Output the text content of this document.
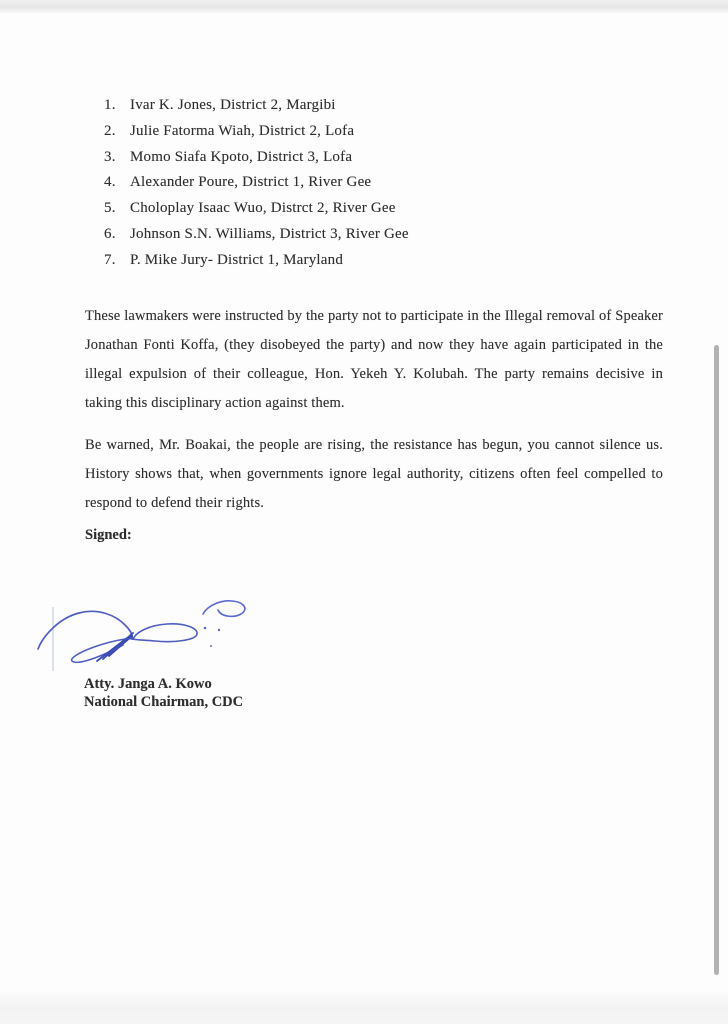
1. Ivar K. Jones, District 2, Margibi
2. Julie Fatorma Wiah, District 2, Lofa
3. Momo Siafa Kpoto, District 3, Lofa
4. Alexander Poure, District 1, River Gee
5. Choloplay Isaac Wuo, Distrct 2, River Gee
6. Johnson S.N. Williams, District 3, River Gee
7. P. Mike Jury- District 1, Maryland
These lawmakers were instructed by the party not to participate in the Illegal removal of Speaker Jonathan Fonti Koffa, (they disobeyed the party) and now they have again participated in the illegal expulsion of their colleague, Hon. Yekeh Y. Kolubah. The party remains decisive in taking this disciplinary action against them.
Be warned, Mr. Boakai, the people are rising, the resistance has begun, you cannot silence us. History shows that, when governments ignore legal authority, citizens often feel compelled to respond to defend their rights.
Signed:
Atty. Janga A. Kowo
National Chairman, CDC
